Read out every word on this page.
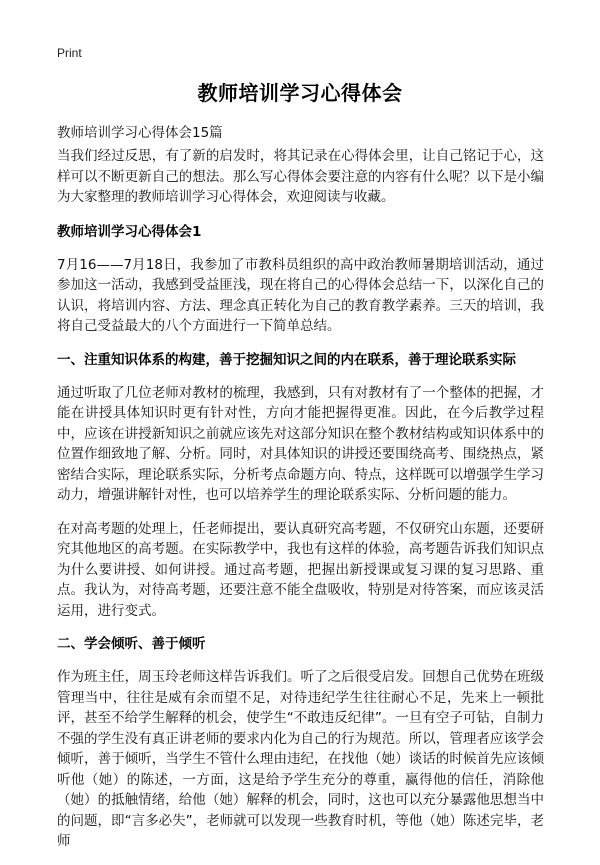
Print
教师培训学习心得体会
教师培训学习心得体会15篇

当我们经过反思，有了新的启发时，将其记录在心得体会里，让自己铭记于心，这样可以不断更新自己的想法。那么写心得体会要注意的内容有什么呢？以下是小编为大家整理的教师培训学习心得体会，欢迎阅读与收藏。

教师培训学习心得体会1

7月16——7月18日，我参加了市教科员组织的高中政治教师暑期培训活动，通过参加这一活动，我感到受益匪浅，现在将自己的心得体会总结一下，以深化自己的认识，将培训内容、方法、理念真正转化为自己的教育教学素养。三天的培训，我将自己受益最大的八个方面进行一下简单总结。

一、注重知识体系的构建，善于挖掘知识之间的内在联系，善于理论联系实际

通过听取了几位老师对教材的梳理，我感到，只有对教材有了一个整体的把握，才能在讲授具体知识时更有针对性，方向才能把握得更准。因此，在今后教学过程中，应该在讲授新知识之前就应该先对这部分知识在整个教材结构或知识体系中的位置作细致地了解、分析。同时，对具体知识的讲授还要围绕高考、围绕热点，紧密结合实际，理论联系实际，分析考点命题方向、特点，这样既可以增强学生学习动力，增强讲解针对性，也可以培养学生的理论联系实际、分析问题的能力。

在对高考题的处理上，任老师提出，要认真研究高考题，不仅研究山东题，还要研究其他地区的高考题。在实际教学中，我也有这样的体验，高考题告诉我们知识点为什么要讲授、如何讲授。通过高考题，把握出新授课或复习课的复习思路、重点。我认为，对待高考题，还要注意不能全盘吸收，特别是对待答案，而应该灵活运用，进行变式。

二、学会倾听、善于倾听

作为班主任，周玉玲老师这样告诉我们。听了之后很受启发。回想自己优势在班级管理当中，往往是威有余而望不足，对待违纪学生往往耐心不足，先来上一顿批评，甚至不给学生解释的机会，使学生“不敢违反纪律”。一旦有空子可钻，自制力不强的学生没有真正讲老师的要求内化为自己的行为规范。所以，管理者应该学会倾听，善于倾听，当学生不管什么理由违纪，在找他（她）谈话的时候首先应该倾听他（她）的陈述，一方面，这是给予学生充分的尊重，赢得他的信任，消除他（她）的抵触情绪，给他（她）解释的机会，同时，这也可以充分暴露他思想当中的问题，即“言多必失”，老师就可以发现一些教育时机，等他（她）陈述完毕，老师
